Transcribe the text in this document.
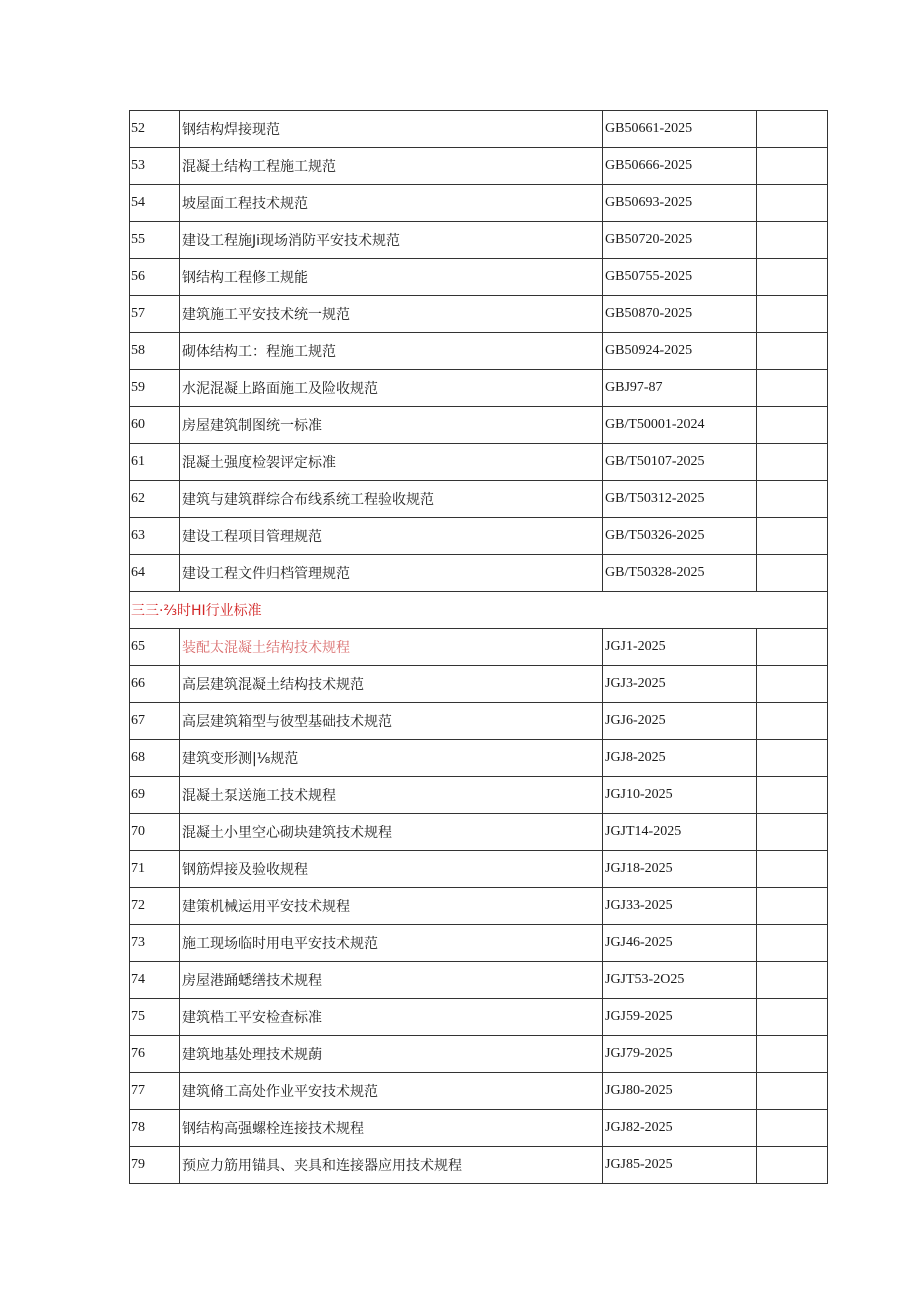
52	钢结构焊接现范	GB50661-2025	
53	混凝土结构工程施工规范	GB50666-2025	
54	坡屋面工程技术规范	GB50693-2025	
55	建设工程施Ji现场消防平安技术规范	GB50720-2025	
56	钢结构工程修工规能	GB50755-2025	
57	建筑施工平安技术统一规范	GB50870-2025	
58	砌体结构工：程施工规范	GB50924-2025	
59	水泥混凝上路面施工及险收规范	GBJ97-87	
60	房屋建筑制图统一标准	GB/T50001-2024	
61	混凝土强度检袈评定标准	GB/T50107-2025	
62	建筑与建筑群综合布线系统工程验收规范	GB/T50312-2025	
63	建设工程项目管理规范	GB/T50326-2025	
64	建设工程文件归档管理规范	GB/T50328-2025	
三三·⅔时HI行业标准			
65	装配太混凝土结构技术规程	JGJ1-2025	
66	高层建筑混凝土结构技术规范	JGJ3-2025	
67	高层建筑箱型与彼型基础技术规范	JGJ6-2025	
68	建筑变形测|⅛规范	JGJ8-2025	
69	混凝土泵送施工技术规程	JGJ10-2025	
70	混凝土小里空心砌块建筑技术规程	JGJT14-2025	
71	钢筋焊接及验收规程	JGJ18-2025	
72	建策机械运用平安技术规程	JGJ33-2025	
73	施工现场临时用电平安技术规范	JGJ46-2025	
74	房屋港踊蟋缮技术规程	JGJT53-2O25	
75	建筑梏工平安检查标准	JGJ59-2025	
76	建筑地基处理技术规蓢	JGJ79-2025	
77	建筑脩工高处作业平安技术规范	JGJ80-2025	
78	钢结构高强螺栓连接技术规程	JGJ82-2025	
79	预应力筋用锚具、夹具和连接器应用技术规程	JGJ85-2025	
